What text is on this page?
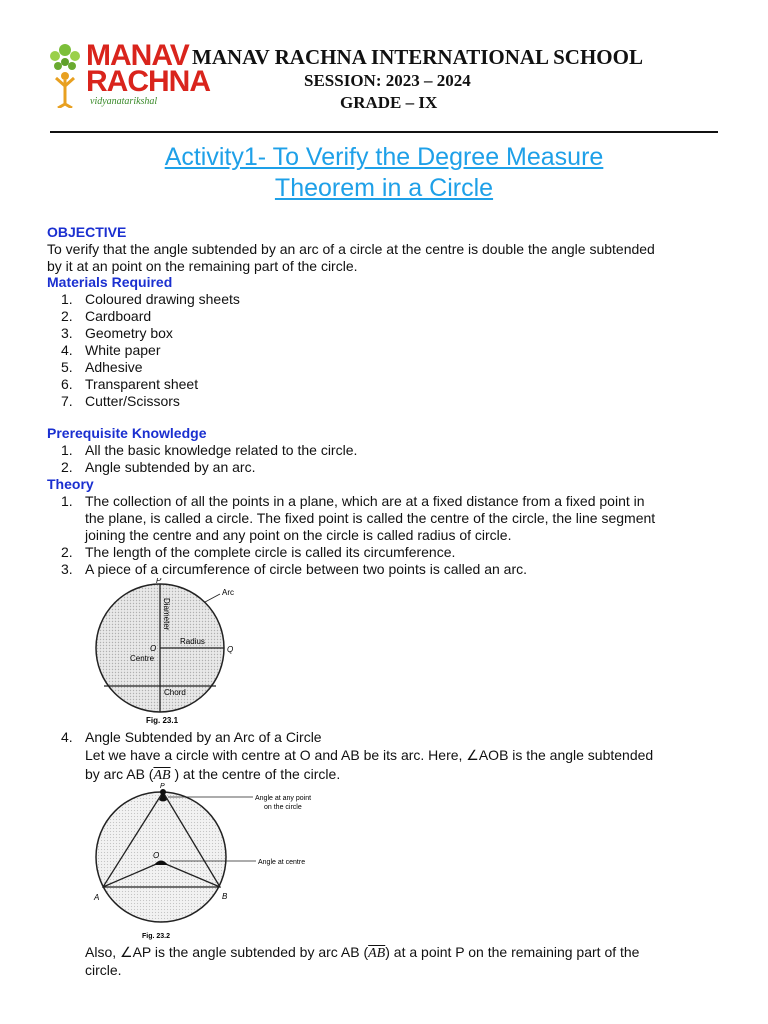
MANAV
RACHNA
vidyanatarikshal
MANAV RACHNA INTERNATIONAL SCHOOL
SESSION: 2023 – 2024
GRADE – IX
Activity1- To Verify the Degree Measure
Theorem in a Circle
OBJECTIVE
To verify that the angle subtended by an arc of a circle at the centre is double the angle subtended
by it at an point on the remaining part of the circle.
Materials Required
1. Coloured drawing sheets
2. Cardboard
3. Geometry box
4. White paper
5. Adhesive
6. Transparent sheet
7. Cutter/Scissors
Prerequisite Knowledge
1. All the basic knowledge related to the circle.
2. Angle subtended by an arc.
Theory
1. The collection of all the points in a plane, which are at a fixed distance from a fixed point in
the plane, is called a circle. The fixed point is called the centre of the circle, the line segment
joining the centre and any point on the circle is called radius of circle.
2. The length of the complete circle is called its circumference.
3. A piece of a circumference of circle between two points is called an arc.
P
Arc
Diameter
Radius
O	Q
Centre
Chord
Fig. 23.1
4. Angle Subtended by an Arc of a Circle
Let we have a circle with centre at O and AB be its arc. Here, ∠AOB is the angle subtended
by arc AB ($\overline{AB}$ ) at the centre of the circle.
P
O
A	B
Angle at any point
on the circle
Angle at centre
Fig. 23.2
Also, ∠AP is the angle subtended by arc AB $(\overline{AB})$ at a point P on the remaining part of the
circle.
